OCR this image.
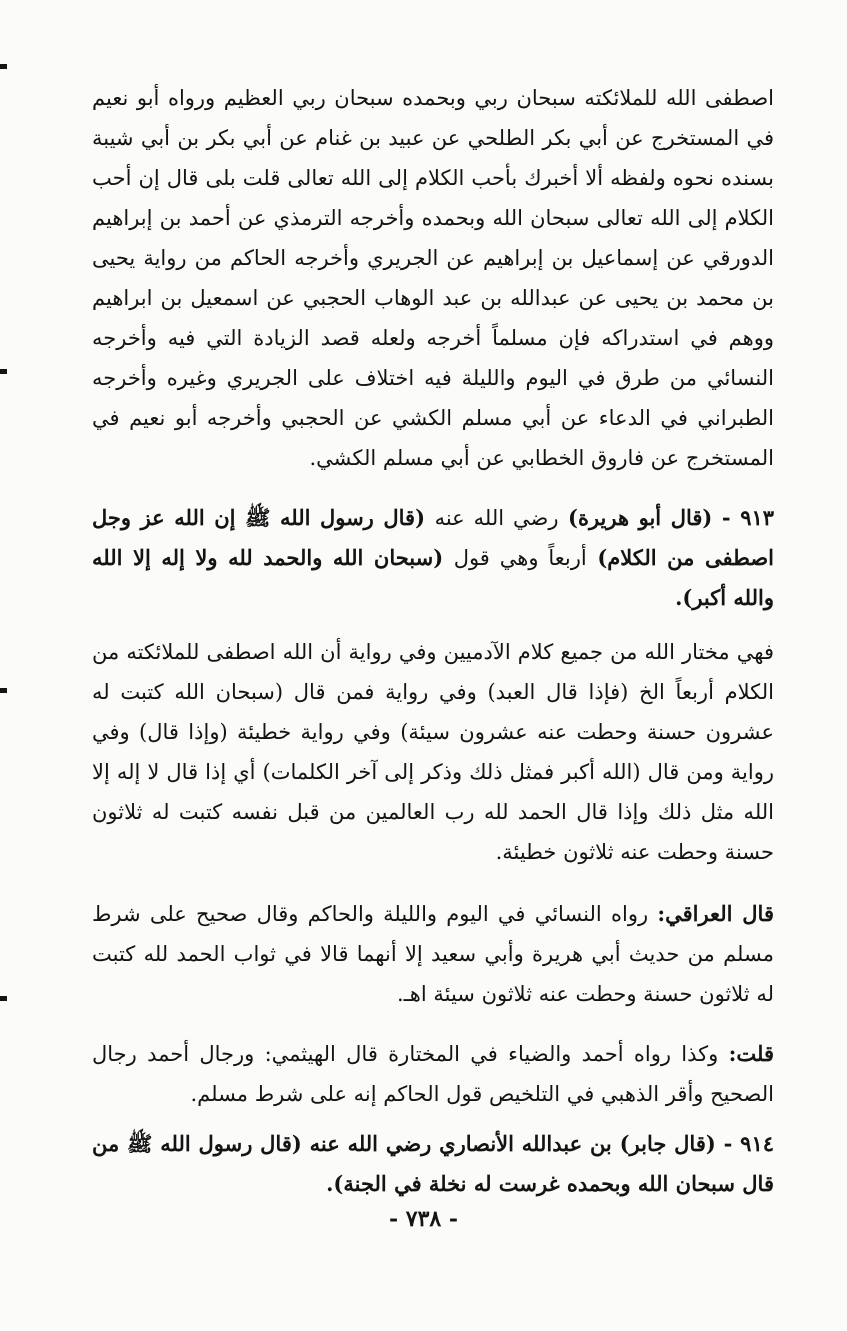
اصطفى الله للملائكته سبحان ربي وبحمده سبحان ربي العظيم ورواه أبو نعيم في المستخرج عن أبي بكر الطلحي عن عبيد بن غنام عن أبي بكر بن أبي شيبة بسنده نحوه ولفظه ألا أخبرك بأحب الكلام إلى الله تعالى قلت بلى قال إن أحب الكلام إلى الله تعالى سبحان الله وبحمده وأخرجه الترمذي عن أحمد بن إبراهيم الدورقي عن إسماعيل بن إبراهيم عن الجريري وأخرجه الحاكم من رواية يحيى بن محمد بن يحيى عن عبدالله بن عبد الوهاب الحجبي عن اسمعيل بن ابراهيم ووهم في استدراكه فإن مسلماً أخرجه ولعله قصد الزيادة التي فيه وأخرجه النسائي من طرق في اليوم والليلة فيه اختلاف على الجريري وغيره وأخرجه الطبراني في الدعاء عن أبي مسلم الكشي عن الحجبي وأخرجه أبو نعيم في المستخرج عن فاروق الخطابي عن أبي مسلم الكشي.

٩١٣ - (قال أبو هريرة) رضي الله عنه (قال رسول الله ﷺ إن الله عز وجل اصطفى من الكلام) أربعاً وهي قول (سبحان الله والحمد لله ولا إله إلا الله والله أكبر).

فهي مختار الله من جميع كلام الآدميين وفي رواية أن الله اصطفى للملائكته من الكلام أربعاً الخ (فإذا قال العبد) وفي رواية فمن قال (سبحان الله كتبت له عشرون حسنة وحطت عنه عشرون سيئة) وفي رواية خطيئة (وإذا قال) وفي رواية ومن قال (الله أكبر فمثل ذلك وذكر إلى آخر الكلمات) أي إذا قال لا إله إلا الله مثل ذلك وإذا قال الحمد لله رب العالمين من قبل نفسه كتبت له ثلاثون حسنة وحطت عنه ثلاثون خطيئة.

قال العراقي: رواه النسائي في اليوم والليلة والحاكم وقال صحيح على شرط مسلم من حديث أبي هريرة وأبي سعيد إلا أنهما قالا في ثواب الحمد لله كتبت له ثلاثون حسنة وحطت عنه ثلاثون سيئة اهـ.

قلت: وكذا رواه أحمد والضياء في المختارة قال الهيثمي: ورجال أحمد رجال الصحيح وأقر الذهبي في التلخيص قول الحاكم إنه على شرط مسلم.

٩١٤ - (قال جابر) بن عبدالله الأنصاري رضي الله عنه (قال رسول الله ﷺ من قال سبحان الله وبحمده غرست له نخلة في الجنة).

- ٧٣٨ -
